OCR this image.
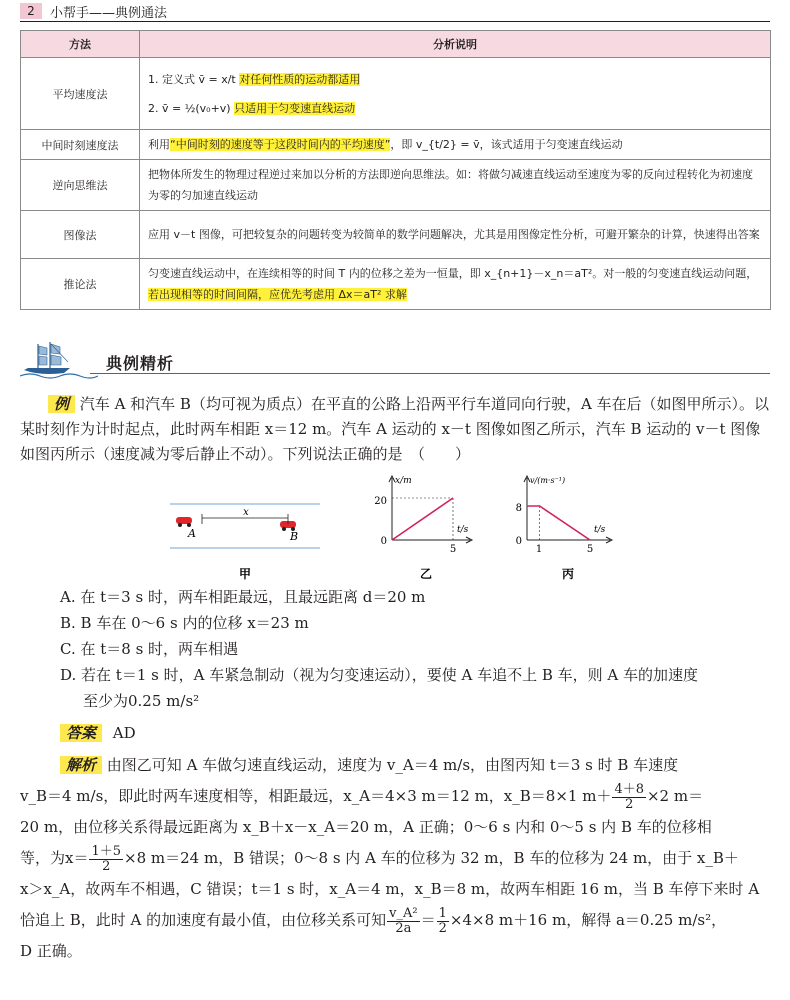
2	小帮手——典例通法
方法	分析说明
平均速度法	1. 定义式 v̄ = x/t 对任何性质的运动都适用
2. v̄ = ½(v₀+v) 只适用于匀变速直线运动

中间时刻速度法	利用“中间时刻的速度等于这段时间内的平均速度”，即 v_{t/2} = v̄，该式适用于匀变速直线运动
逆向思维法	把物体所发生的物理过程逆过来加以分析的方法即逆向思维法。如：将做匀减速直线运动至速度为零的反向过程转化为初速度为零的匀加速直线运动
图像法	应用 v－t 图像，可把较复杂的问题转变为较简单的数学问题解决，尤其是用图像定性分析，可避开繁杂的计算，快速得出答案
推论法	匀变速直线运动中，在连续相等的时间 T 内的位移之差为一恒量，即 x_{n+1}－x_n＝aT²。对一般的匀变速直线运动问题，若出现相等的时间间隔，应优先考虑用 Δx＝aT² 求解
典例精析
例 汽车 A 和汽车 B（均可视为质点）在平直的公路上沿两平行车道同向行驶，A 车在后（如图甲所示）。以某时刻作为计时起点，此时两车相距 x＝12 m。汽车 A 运动的 x－t 图像如图乙所示，汽车 B 运动的 v－t 图像如图丙所示（速度减为零后静止不动）。下列说法正确的是　（　　）
x
A	B
甲
x/m
t/s
20
5
0
乙
v/(m·s⁻¹)
t/s
8
1	5
0
丙
A. 在 t＝3 s 时，两车相距最远，且最远距离 d＝20 m
B. B 车在 0～6 s 内的位移 x＝23 m
C. 在 t＝8 s 时，两车相遇
D. 若在 t＝1 s 时，A 车紧急制动（视为匀变速运动），要使 A 车追不上 B 车，则 A 车的加速度
至少为0.25 m/s²
答案 AD
解析 由图乙可知 A 车做匀速直线运动，速度为 v_A＝4 m/s，由图丙知 t＝3 s 时 B 车速度
v_B＝4 m/s，即此时两车速度相等，相距最远，x_A＝4×3 m＝12 m，x_B＝8×1 $m+ \frac{4+8}{2} \times 2$ m＝
20 m，由位移关系得最远距离为 x_B＋x－x_A＝20 m，A 正确；0～6 s 内和 0～5 s 内 B 车的位移相
等，为$x= \frac{1+5}{2} \times 8$ m＝24 m，B 错误；0～8 s 内 A 车的位移为 32 m，B 车的位移为 24 m，由于 x_B＋
x＞x_A，故两车不相遇，C 错误；t＝1 s 时，x_A＝4 m，x_B＝8 m，故两车相距 16 m，当 B 车停下来时 A
恰追上 B，此时 A 的加速度有最小值，由位移关系可知 $\frac{\text{v\_A²}}{2a} = \frac{1}{2} \times 4\times 8$ m＋16 m，解得 a＝0.25 m/s²，
D 正确。
